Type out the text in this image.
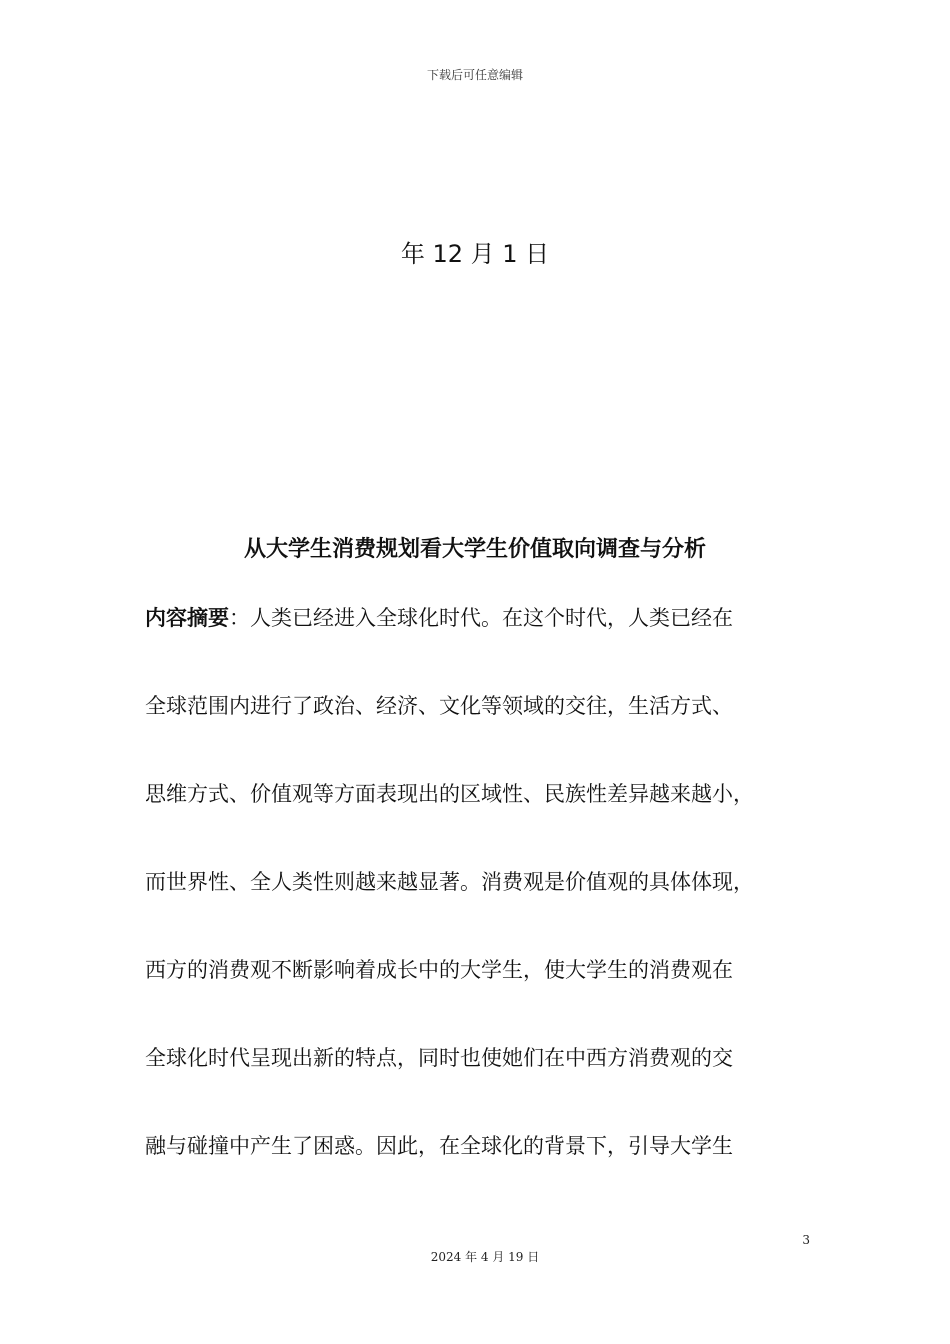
下载后可任意编辑
年 12 月 1 日
从大学生消费规划看大学生价值取向调查与分析
内容摘要：人类已经进入全球化时代。在这个时代，人类已经在
全球范围内进行了政治、经济、文化等领域的交往，生活方式、
思维方式、价值观等方面表现出的区域性、民族性差异越来越小，
而世界性、全人类性则越来越显著。消费观是价值观的具体体现，
西方的消费观不断影响着成长中的大学生，使大学生的消费观在
全球化时代呈现出新的特点，同时也使她们在中西方消费观的交
融与碰撞中产生了困惑。因此，在全球化的背景下，引导大学生
3
2024 年 4 月 19 日
